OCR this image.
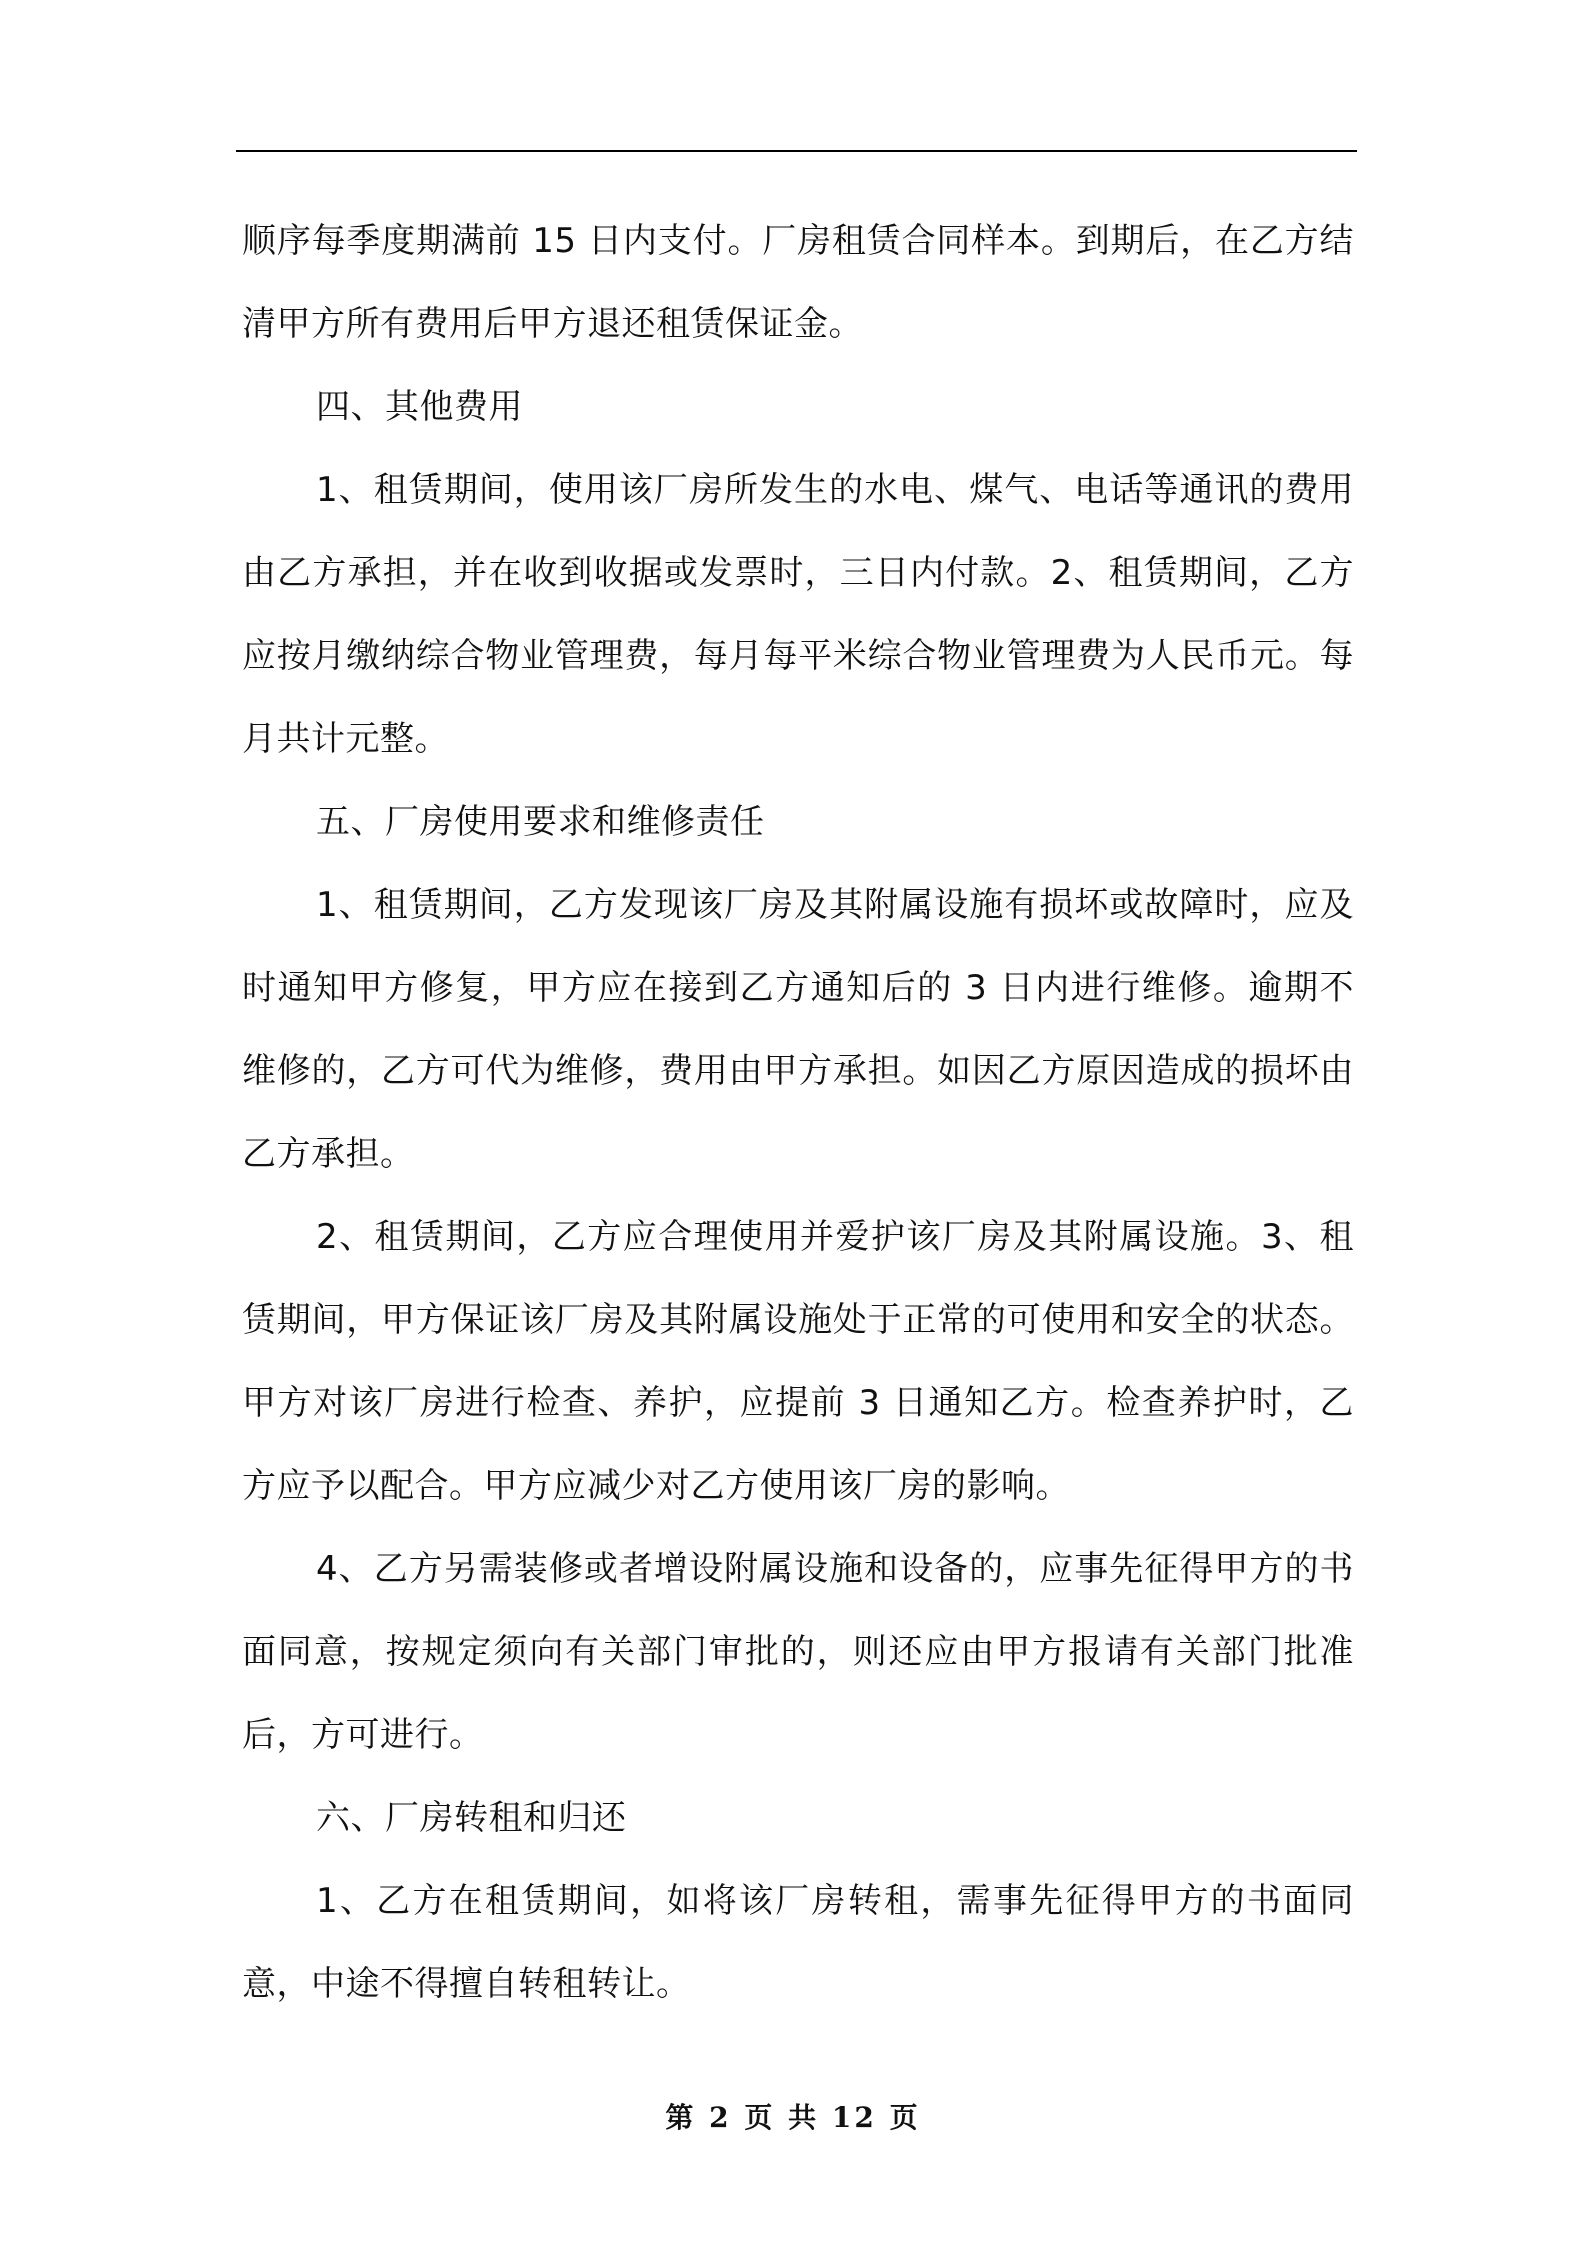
顺序每季度期满前 15 日内支付。厂房租赁合同样本。到期后，在乙方结清甲方所有费用后甲方退还租赁保证金。

四、其他费用

1、租赁期间，使用该厂房所发生的水电、煤气、电话等通讯的费用由乙方承担，并在收到收据或发票时，三日内付款。2、租赁期间，乙方应按月缴纳综合物业管理费，每月每平米综合物业管理费为人民币元。每月共计元整。

五、厂房使用要求和维修责任

1、租赁期间，乙方发现该厂房及其附属设施有损坏或故障时，应及时通知甲方修复，甲方应在接到乙方通知后的 3 日内进行维修。逾期不维修的，乙方可代为维修，费用由甲方承担。如因乙方原因造成的损坏由乙方承担。

2、租赁期间，乙方应合理使用并爱护该厂房及其附属设施。3、租赁期间，甲方保证该厂房及其附属设施处于正常的可使用和安全的状态。甲方对该厂房进行检查、养护，应提前 3 日通知乙方。检查养护时，乙方应予以配合。甲方应减少对乙方使用该厂房的影响。

4、乙方另需装修或者增设附属设施和设备的，应事先征得甲方的书面同意，按规定须向有关部门审批的，则还应由甲方报请有关部门批准后，方可进行。

六、厂房转租和归还

1、乙方在租赁期间，如将该厂房转租，需事先征得甲方的书面同意，中途不得擅自转租转让。

第 2 页 共 12 页
